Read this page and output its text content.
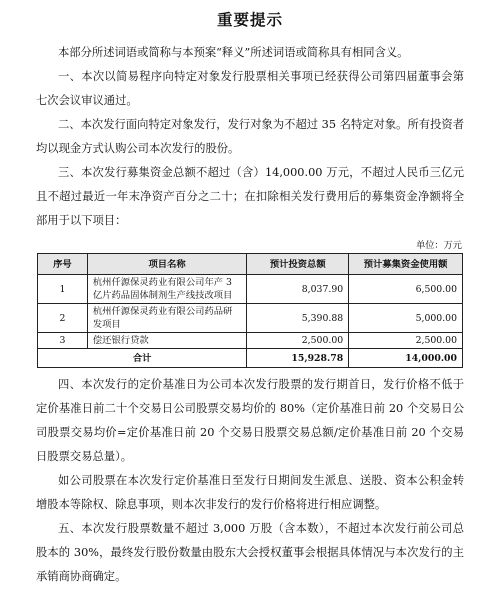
重要提示

本部分所述词语或简称与本预案“释义”所述词语或简称具有相同含义。

一、本次以简易程序向特定对象发行股票相关事项已经获得公司第四届董事会第七次会议审议通过。

二、本次发行面向特定对象发行，发行对象为不超过 35 名特定对象。所有投资者均以现金方式认购公司本次发行的股份。

三、本次发行募集资金总额不超过（含）14,000.00 万元，不超过人民币三亿元且不超过最近一年末净资产百分之二十；在扣除相关发行费用后的募集资金净额将全部用于以下项目：

单位：万元

序号	项目名称	预计投资总额	预计募集资金使用额
1	杭州仟源保灵药业有限公司年产 3 亿片药品固体制剂生产线技改项目	8,037.90	6,500.00
2	杭州仟源保灵药业有限公司药品研发项目	5,390.88	5,000.00
3	偿还银行贷款	2,500.00	2,500.00
合计		15,928.78	14,000.00

四、本次发行的定价基准日为公司本次发行股票的发行期首日，发行价格不低于定价基准日前二十个交易日公司股票交易均价的 80%（定价基准日前 20 个交易日公司股票交易均价=定价基准日前 20 个交易日股票交易总额/定价基准日前 20 个交易日股票交易总量）。

如公司股票在本次发行定价基准日至发行日期间发生派息、送股、资本公积金转增股本等除权、除息事项，则本次非发行的发行价格将进行相应调整。

五、本次发行股票数量不超过 3,000 万股（含本数），不超过本次发行前公司总股本的 30%，最终发行股份数量由股东大会授权董事会根据具体情况与本次发行的主承销商协商确定。
